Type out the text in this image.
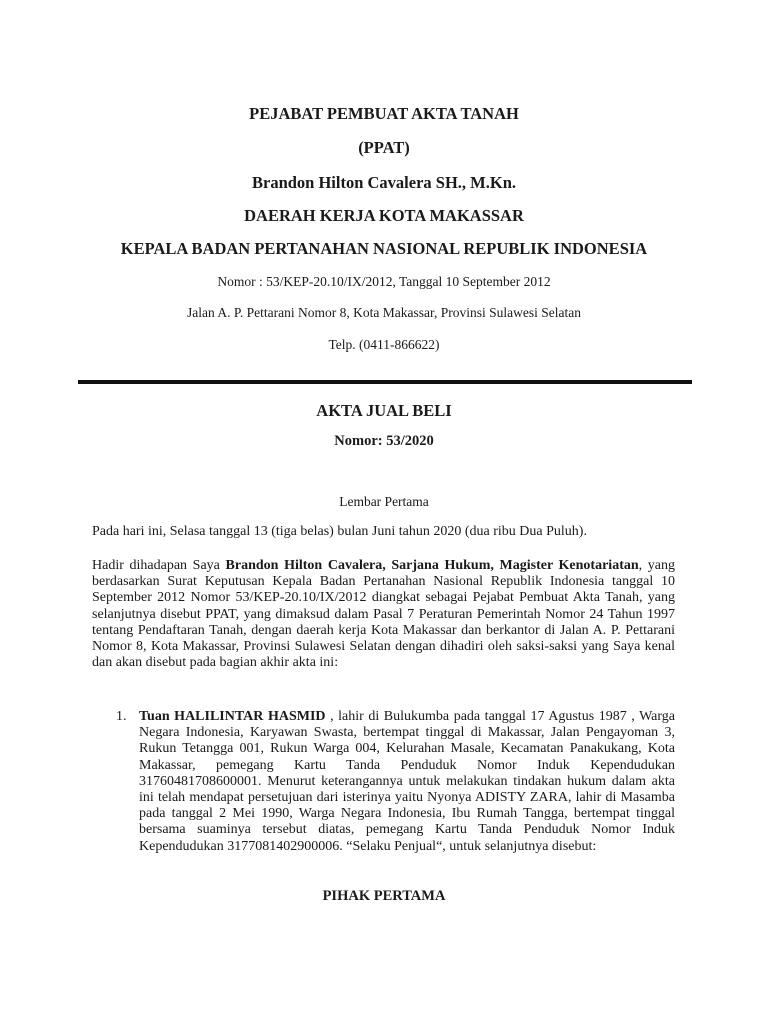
PEJABAT PEMBUAT AKTA TANAH
(PPAT)
Brandon Hilton Cavalera SH., M.Kn.
DAERAH KERJA KOTA MAKASSAR
KEPALA BADAN PERTANAHAN NASIONAL REPUBLIK INDONESIA
Nomor : 53/KEP-20.10/IX/2012, Tanggal 10 September 2012
Jalan A. P. Pettarani Nomor 8, Kota Makassar, Provinsi Sulawesi Selatan
Telp. (0411-866622)
AKTA JUAL BELI
Nomor: 53/2020
Lembar Pertama
Pada hari ini, Selasa tanggal 13 (tiga belas) bulan Juni tahun 2020 (dua ribu Dua Puluh).
Hadir dihadapan Saya Brandon Hilton Cavalera, Sarjana Hukum, Magister Kenotariatan, yang berdasarkan Surat Keputusan Kepala Badan Pertanahan Nasional Republik Indonesia tanggal 10 September 2012 Nomor 53/KEP-20.10/IX/2012 diangkat sebagai Pejabat Pembuat Akta Tanah, yang selanjutnya disebut PPAT, yang dimaksud dalam Pasal 7 Peraturan Pemerintah Nomor 24 Tahun 1997 tentang Pendaftaran Tanah, dengan daerah kerja Kota Makassar dan berkantor di Jalan A. P. Pettarani Nomor 8, Kota Makassar, Provinsi Sulawesi Selatan dengan dihadiri oleh saksi-saksi yang Saya kenal dan akan disebut pada bagian akhir akta ini:
1. Tuan HALILINTAR HASMID , lahir di Bulukumba pada tanggal 17 Agustus 1987 , Warga Negara Indonesia, Karyawan Swasta, bertempat tinggal di Makassar, Jalan Pengayoman 3, Rukun Tetangga 001, Rukun Warga 004, Kelurahan Masale, Kecamatan Panakukang, Kota Makassar, pemegang Kartu Tanda Penduduk Nomor Induk Kependudukan 31760481708600001. Menurut keterangannya untuk melakukan tindakan hukum dalam akta ini telah mendapat persetujuan dari isterinya yaitu Nyonya ADISTY ZARA, lahir di Masamba pada tanggal 2 Mei 1990, Warga Negara Indonesia, Ibu Rumah Tangga, bertempat tinggal bersama suaminya tersebut diatas, pemegang Kartu Tanda Penduduk Nomor Induk Kependudukan 3177081402900006. “Selaku Penjual“, untuk selanjutnya disebut:
PIHAK PERTAMA
